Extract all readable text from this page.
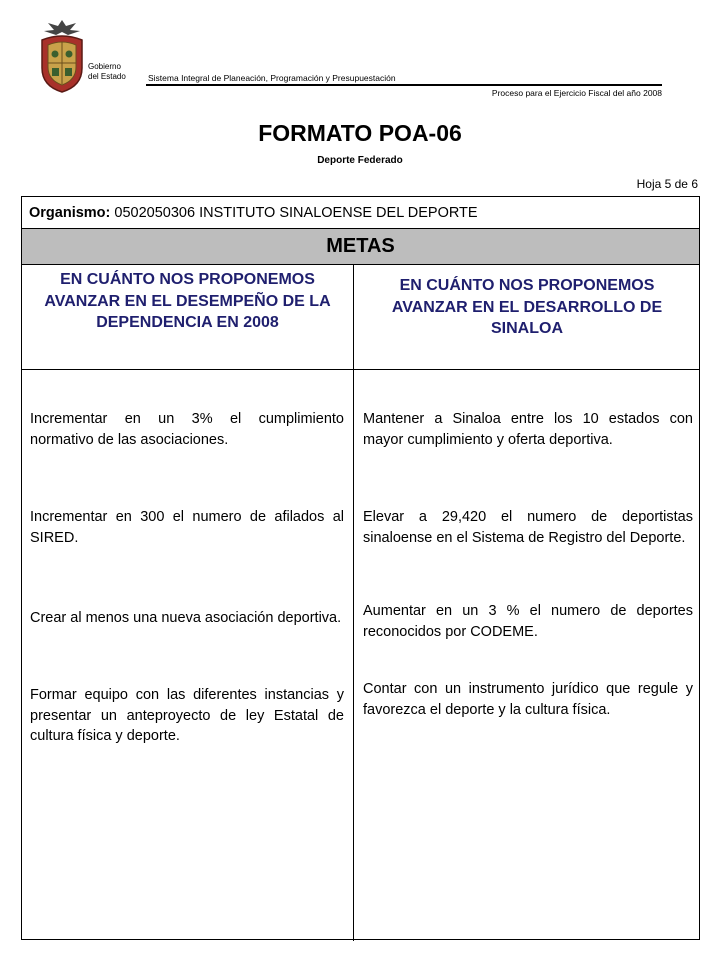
Gobierno
del Estado	Sistema Integral de Planeación, Programación y Presupuestación
Proceso para el Ejercicio Fiscal del año 2008
FORMATO POA-06
Deporte Federado
Hoja 5 de 6
Organismo: 0502050306 INSTITUTO SINALOENSE DEL DEPORTE
METAS
EN CUÁNTO NOS PROPONEMOS AVANZAR EN EL DESEMPEÑO DE LA DEPENDENCIA EN 2008
EN CUÁNTO NOS PROPONEMOS AVANZAR EN EL DESARROLLO DE SINALOA
Incrementar en un 3% el cumplimiento normativo de las asociaciones.
Incrementar en 300 el numero de afilados al SIRED.
Crear al menos una nueva asociación deportiva.
Formar equipo con las diferentes instancias y presentar un anteproyecto de ley Estatal de cultura física y deporte.
Mantener a Sinaloa entre los 10 estados con mayor cumplimiento y oferta deportiva.
Elevar a 29,420 el numero de deportistas sinaloense en el Sistema de Registro del Deporte.
Aumentar en un 3 % el numero de deportes reconocidos por CODEME.
Contar con un instrumento jurídico que regule y favorezca el deporte y la cultura física.
